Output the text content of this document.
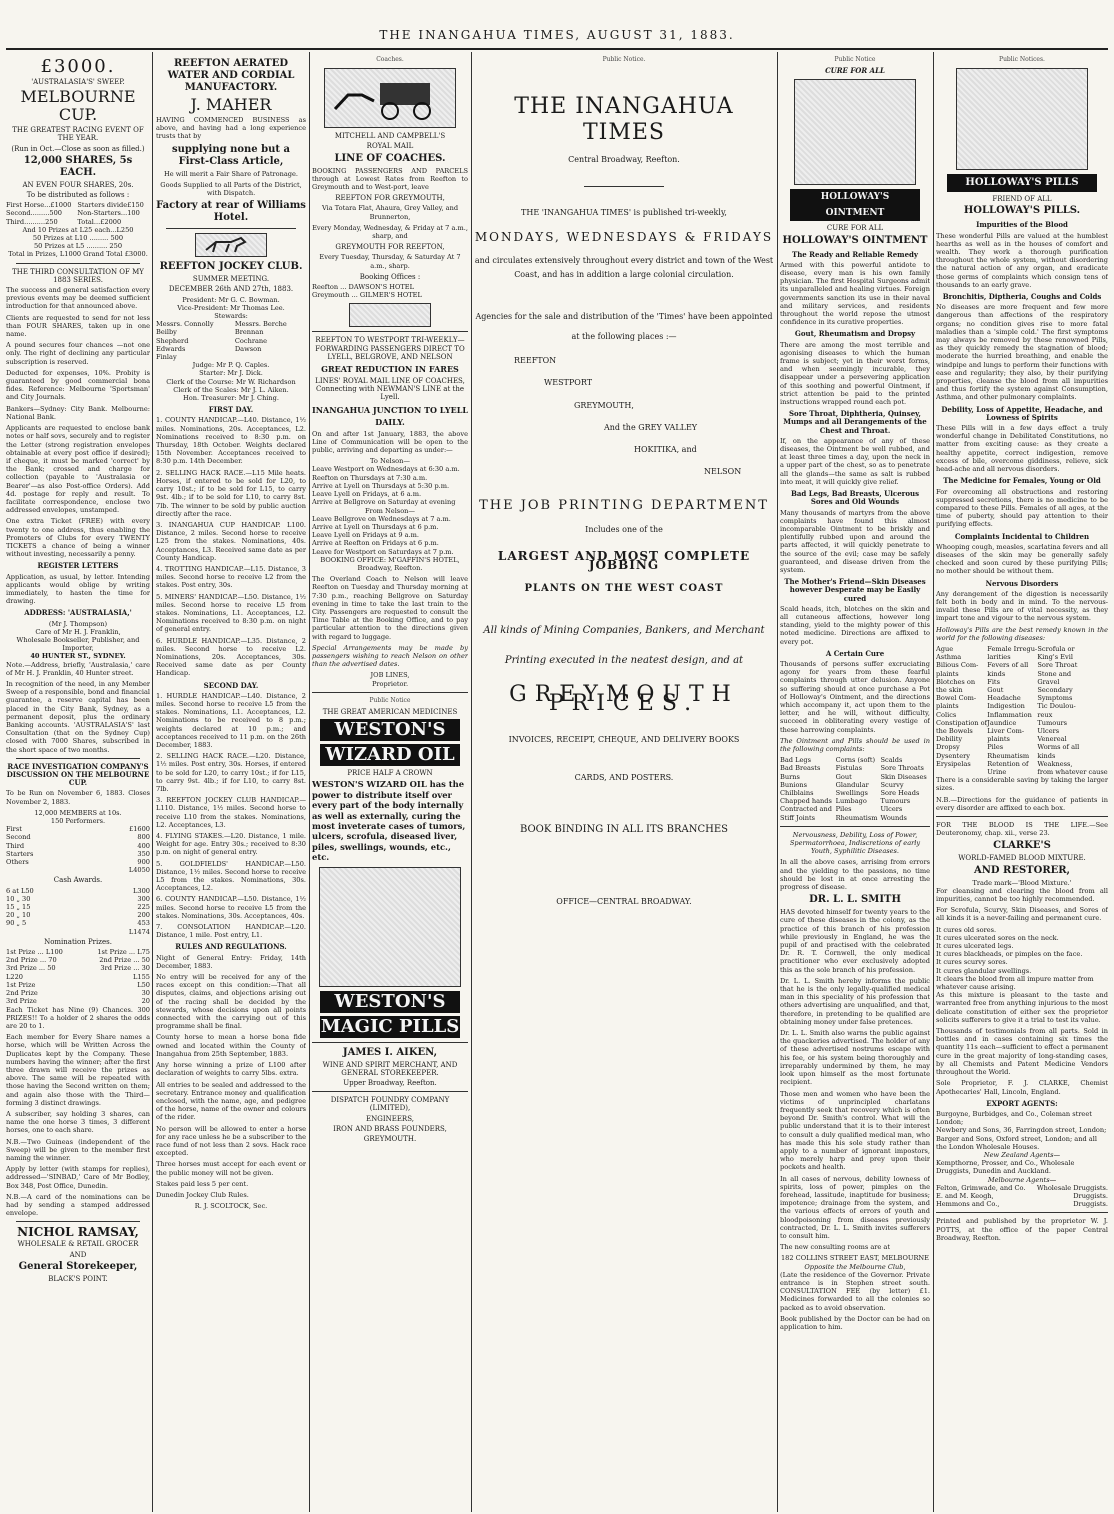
THE INANGAHUA TIMES, AUGUST 31, 1883.
£3000.
'AUSTRALASIA'S' SWEEP.
MELBOURNE CUP.
THE GREATEST RACING EVENT OF THE YEAR.
(Run in Oct.—Close as soon as filled.)
12,000 SHARES, 5s EACH.
AN EVEN FOUR SHARES, 20s.
To be distributed as follows :
First Horse...£1000	Starters divide£150
Second.........500	Non-Starters...100
Third..........250	Total...£2000
And 10 Prizes at L25 each...L250
50 Prizes at L10 ......... 500
50 Prizes at L5 .......... 250
Total in Prizes, L1000 Grand Total £3000.
THE THIRD CONSULTATION OF MY 1883 SERIES.

The success and general satisfaction every previous events may be deemed sufficient introduction for that announced above.

Clients are requested to send for not less than FOUR SHARES, taken up in one name.

A pound secures four chances —not one only. The right of declining any particular subscription is reserved.

Deducted for expenses, 10%. Probity is guaranteed by good commercial bona fides. Reference: Melbourne 'Sportsman' and City Journals.

Bankers—Sydney: City Bank. Melbourne: National Bank.

Applicants are requested to enclose bank notes or half sovs, securely and to register the Letter (strong registration envelopes obtainable at every post office if desired); if cheque, it must be marked 'correct' by the Bank; crossed and charge for collection (payable to 'Australasia or Bearer'—as also Post-office Orders). Add 4d. postage for reply and result. To facilitate correspondence, enclose two addressed envelopes, unstamped.

One extra Ticket (FREE) with every twenty to one address, thus enabling the Promoters of Clubs for every TWENTY TICKETS a chance of being a winner without investing, necessarily a penny.

REGISTER LETTERS

Application, as usual, by letter. Intending applicants would oblige by writing immediately, to hasten the time for drawing.

ADDRESS: 'AUSTRALASIA,'
(Mr J. Thompson)
Care of Mr H. J. Franklin,
Wholesale Bookseller, Publisher, and Importer,
40 HUNTER ST., SYDNEY.

Note.—Address, briefly, 'Australasia,' care of Mr H. J. Franklin, 40 Hunter street.

In recognition of the need, in any Member Sweep of a responsible, bond and financial guarantee, a reserve capital has been placed in the City Bank, Sydney, as a permanent deposit, plus the ordinary Banking accounts. 'AUSTRALASIA'S' last Consultation (that on the Sydney Cup) closed with 7000 Shares, subscribed in the short space of two months.

RACE INVESTIGATION COMPANY'S DISCUSSION ON THE MELBOURNE CUP.

To be Run on November 6, 1883. Closes November 2, 1883.

12,000 MEMBERS at 10s.
150 Performers.
First	£1600
Second	800
Third	400
Starters	350
Others	900
	L4050
Cash Awards.
6 at L50	L300
10 „ 30	300
15 „ 15	225
20 „ 10	200
90 „ 5	453
	L1474
Nomination Prizes.
1st Prize ... L100	1st Prize ... L75
2nd Prize ... 70	2nd Prize ... 50
3rd Prize ... 50	3rd Prize ... 30
L220	L155
1st Prize	L50
2nd Prize	30
3rd Prize	20

Each Ticket has Nine (9) Chances. 300 PRIZES!! To a holder of 2 shares the odds are 20 to 1.

Each member for Every Share names a horse, which will be Written Across the Duplicates kept by the Company. These numbers having the winner; after the first three drawn will receive the prizes as above. The same will be repeated with those having the Second written on them; and again also those with the Third—forming 3 distinct drawings.

A subscriber, say holding 3 shares, can name the one horse 3 times, 3 different horses, one to each share.

N.B.—Two Guineas (independent of the Sweep) will be given to the member first naming the winner.

Apply by letter (with stamps for replies), addressed—'SINBAD,' Care of Mr Bodley, Box 348, Post Office, Dunedin.

N.B.—A card of the nominations can be had by sending a stamped addressed envelope.

NICHOL RAMSAY,
WHOLESALE & RETAIL GROCER
AND
General Storekeeper,
BLACK'S POINT.
REEFTON AERATED WATER AND CORDIAL MANUFACTORY.
J. MAHER

HAVING COMMENCED BUSINESS as above, and having had a long experience trusts that by

supplying none but a First-Class Article,

He will merit a Fair Share of Patronage.

Goods Supplied to all Parts of the District, with Dispatch.

Factory at rear of Williams Hotel.
REEFTON JOCKEY CLUB.
SUMMER MEETING.
DECEMBER 26th AND 27th, 1883.
President: Mr G. C. Bowman.
Vice-President: Mr Thomas Lee.
Stewards:
Messrs. Connolly	Messrs. Berche
Beilby	Brennan
Shepherd	Cochrane
Edwards	Dawson
Finlay	
Judge: Mr P. Q. Caples.
Starter: Mr J. Dick.
Clerk of the Course: Mr W. Richardson
Clerk of the Scales: Mr J. L. Aiken.
Hon. Treasurer: Mr J. Ching.
FIRST DAY.

1. COUNTY HANDICAP.—L40. Distance, 1½ miles. Nominations, 20s. Acceptances, L2. Nominations received to 8:30 p.m. on Thursday, 18th October. Weights declared 15th November. Acceptances received to 8:30 p.m. 14th December.

2. SELLING HACK RACE.—L15 Mile heats. Horses, if entered to be sold for L20, to carry 10st.; if to be sold for L15, to carry 9st. 4lb.; if to be sold for L10, to carry 8st. 7lb. The winner to be sold by public auction directly after the race.

3. INANGAHUA CUP HANDICAP. L100. Distance, 2 miles. Second horse to receive L25 from the stakes. Nominations, 40s. Acceptances, L3. Received same date as per County Handicap.

4. TROTTING HANDICAP.—L15. Distance, 3 miles. Second horse to receive L2 from the stakes. Post entry, 30s.

5. MINERS' HANDICAP.—L50. Distance, 1½ miles. Second horse to receive L5 from stakes. Nominations, L1. Acceptances, L2. Nominations received to 8:30 p.m. on night of general entry.

6. HURDLE HANDICAP.—L35. Distance, 2 miles. Second horse to receive L2. Nominations, 20s. Acceptances, 30s. Received same date as per County Handicap.

SECOND DAY.

1. HURDLE HANDICAP.—L40. Distance, 2 miles. Second horse to receive L5 from the stakes. Nominations, L1. Acceptances, L2. Nominations to be received to 8 p.m.; weights declared at 10 p.m.; and acceptances received to 11 p.m. on the 26th December, 1883.

2. SELLING HACK RACE.—L20. Distance, 1½ miles. Post entry, 30s. Horses, if entered to be sold for L20, to carry 10st.; if for L15, to carry 9st. 4lb.; if for L10, to carry 8st. 7lb.

3. REEFTON JOCKEY CLUB HANDICAP.—L110. Distance, 1½ miles. Second horse to receive L10 from the stakes. Nominations, L2. Acceptances, L3.

4. FLYING STAKES.—L20. Distance, 1 mile. Weight for age. Entry 30s.; received to 8:30 p.m. on night of general entry.

5. GOLDFIELDS' HANDICAP.—L50. Distance, 1½ miles. Second horse to receive L5 from the stakes. Nominations, 30s. Acceptances, L2.

6. COUNTY HANDICAP.—L50. Distance, 1½ miles. Second horse to receive L5 from the stakes. Nominations, 30s. Acceptances, 40s.

7. CONSOLATION HANDICAP.—L20. Distance, 1 mile. Post entry, L1.

RULES AND REGULATIONS.

Night of General Entry: Friday, 14th December, 1883.

No entry will be received for any of the races except on this condition:—That all disputes, claims, and objections arising out of the racing shall be decided by the stewards, whose decisions upon all points connected with the carrying out of this programme shall be final.

County horse to mean a horse bona fide owned and located within the County of Inangahua from 25th September, 1883.

Any horse winning a prize of L100 after declaration of weights to carry 5lbs. extra.

All entries to be sealed and addressed to the secretary. Entrance money and qualification enclosed, with the name, age, and pedigree of the horse, name of the owner and colours of the rider.

No person will be allowed to enter a horse for any race unless he be a subscriber to the race fund of not less than 2 sovs. Hack race excepted.

Three horses must accept for each event or the public money will not be given.

Stakes paid less 5 per cent.

Dunedin Jockey Club Rules.

R. J. SCOLTOCK, Sec.
Coaches.
MITCHELL AND CAMPBELL'S
ROYAL MAIL
LINE OF COACHES.

BOOKING PASSENGERS AND PARCELS through at Lowest Rates from Reefton to Greymouth and to West-port, leave

REEFTON FOR GREYMOUTH,

Via Totara Flat, Ahaura, Grey Valley, and Brunnerton,

Every Monday, Wednesday, & Friday at 7 a.m., sharp, and

GREYMOUTH FOR REEFTON,

Every Tuesday, Thursday, & Saturday At 7 a.m., sharp.

Booking Offices :
Reefton ... DAWSON'S HOTEL
Greymouth ... GILMER'S HOTEL
REEFTON TO WESTPORT TRI-WEEKLY—FORWARDING PASSENGERS DIRECT TO LYELL, BELGROVE, AND NELSON
GREAT REDUCTION IN FARES
LINES' ROYAL MAIL LINE OF COACHES, Connecting with NEWMAN'S LINE at the Lyell.
INANGAHUA JUNCTION TO LYELL DAILY.

On and after 1st January, 1883, the above Line of Communication will be open to the public, arriving and departing as under:—

To Nelson—
Leave Westport on Wednesdays at 6:30 a.m.
Reefton on Thursdays at 7:30 a.m.
Arrive at Lyell on Thursdays at 5:30 p.m.
Leave Lyell on Fridays, at 6 a.m.
Arrive at Bellgrove on Saturday at evening
From Nelson—
Leave Bellgrove on Wednesdays at 7 a.m.
Arrive at Lyell on Thursdays at 6 p.m.
Leave Lyell on Fridays at 9 a.m.
Arrive at Reefton on Fridays at 6 p.m.
Leave for Westport on Saturdays at 7 p.m.

BOOKING OFFICE: M'GAFFIN'S HOTEL, Broadway, Reefton.

The Overland Coach to Nelson will leave Reefton on Tuesday and Thursday morning at 7:30 p.m., reaching Bellgrove on Saturday evening in time to take the last train to the City. Passengers are requested to consult the Time Table at the Booking Office, and to pay particular attention to the directions given with regard to luggage.

Special Arrangements may be made by passengers wishing to reach Nelson on other than the advertised dates.

JOB LINES,
Proprietor.
Public Notice
THE GREAT AMERICAN MEDICINES
WESTON'S
WIZARD OIL
PRICE HALF A CROWN

WESTON'S WIZARD OIL has the power to distribute itself over every part of the body internally as well as externally, curing the most inveterate cases of tumors, ulcers, scrofula, diseased liver, piles, swellings, wounds, etc., etc.

WESTON'S
MAGIC PILLS
JAMES I. AIKEN,
WINE AND SPIRIT MERCHANT, AND GENERAL STOREKEEPER.
Upper Broadway, Reefton.
DISPATCH FOUNDRY COMPANY (LIMITED),
ENGINEERS,
IRON AND BRASS FOUNDERS,
GREYMOUTH.
Public Notice.
THE INANGAHUA TIMES
Central Broadway, Reefton.
THE 'INANGAHUA TIMES' is published tri-weekly,
MONDAYS, WEDNESDAYS & FRIDAYS
and circulates extensively throughout every district and town of the West
Coast, and has in addition a large colonial circulation.
Agencies for the sale and distribution of the 'Times' have been appointed
at the following places :—
REEFTON
WESTPORT
GREYMOUTH,
And the GREY VALLEY
HOKITIKA, and
NELSON
THE JOB PRINTING DEPARTMENT
Includes one of the
LARGEST AND MOST COMPLETE JOBBING
PLANTS ON THE WEST COAST
All kinds of Mining Companies, Bankers, and Merchant
Printing executed in the neatest design, and at
GREYMOUTH PRICES.
INVOICES, RECEIPT, CHEQUE, AND DELIVERY BOOKS
CARDS, AND POSTERS.
BOOK BINDING IN ALL ITS BRANCHES
OFFICE—CENTRAL BROADWAY.
Public Notice
CURE FOR ALL
HOLLOWAY'S OINTMENT
CURE FOR ALL
HOLLOWAY'S OINTMENT
The Ready and Reliable Remedy

Armed with this powerful antidote to disease, every man is his own family physician. The first Hospital Surgeons admit its unparalleled and healing virtues. Foreign governments sanction its use in their naval and military services, and residents throughout the world repose the utmost confidence in its curative properties.

Gout, Rheumatism and Dropsy

There are among the most terrible and agonising diseases to which the human frame is subject; yet in their worst forms, and when seemingly incurable, they disappear under a persevering application of this soothing and powerful Ointment, if strict attention be paid to the printed instructions wrapped round each pot.

Sore Throat, Diphtheria, Quinsey, Mumps and all Derangements of the Chest and Throat.

If, on the appearance of any of these diseases, the Ointment be well rubbed, and at least three times a day, upon the neck in a upper part of the chest, so as to penetrate all the glands—the same as salt is rubbed into meat, it will quickly give relief.

Bad Legs, Bad Breasts, Ulcerous Sores and Old Wounds

Many thousands of martyrs from the above complaints have found this almost incomparable Ointment to be briskly and plentifully rubbed upon and around the parts affected, it will quickly penetrate to the source of the evil; case may be safely guaranteed, and disease driven from the system.

The Mother's Friend—Skin Diseases however Desperate may be Easily cured

Scald heads, itch, blotches on the skin and all cutaneous affections, however long standing, yield to the mighty power of this noted medicine. Directions are affixed to every pot.

A Certain Cure

Thousands of persons suffer excruciating agony for years from these fearful complaints through utter delusion. Anyone so suffering should at once purchase a Pot of Holloway's Ointment, and the directions which accompany it, act upon them to the letter, and he will, without difficulty, succeed in obliterating every vestige of these harrowing complaints.

The Ointment and Pills should be used in the following complaints:

Bad Legs	Corns (soft)	Scalds
Bad Breasts	Fistulas	Sore Throats
Burns	Gout	Skin Diseases
Bunions	Glandular	Scurvy
Chilblains	Swellings	Sore Heads
Chapped hands	Lumbago	Tumours
Contracted and	Piles	Ulcers
Stiff Joints	Rheumatism	Wounds

Nervousness, Debility, Loss of Power, Spermatorrhoea, Indiscretions of early Youth, Syphilitic Diseases.

In all the above cases, arrising from errors and the yielding to the passions, no time should be lost in at once arresting the progress of disease.

DR. L. L. SMITH

HAS devoted himself for twenty years to the cure of these diseases in the colony, as the practice of this branch of his profession while previously in England, he was the pupil of and practised with the celebrated Dr. R. T. Cornwell, the only medical practitioner who ever exclusively adopted this as the sole branch of his profession.

Dr. L. L. Smith hereby informs the public that he is the only legally-qualified medical man in this speciality of his profession that others advertising are unqualified, and that, therefore, in pretending to be qualified are obtaining money under false pretences.

Dr. L. L. Smith also warns the public against the quackeries advertised. The holder of any of these advertised nostrums escape with his fee, or his system being thoroughly and irreparably undermined by them, he may look upon himself as the most fortunate recipient.

Those men and women who have been the victims of unprincipled charlatans frequently seek that recovery which is often beyond Dr. Smith's control. What will the public understand that it is to their interest to consult a duly qualified medical man, who has made this his sole study rather than apply to a number of ignorant impostors, who merely harp and prey upon their pockets and health.

In all cases of nervous, debility lowness of spirits, loss of power, pimples on the forehead, lassitude, inaptitude for business; impotence; drainage from the system, and the various effects of errors of youth and bloodpoisoning from diseases previously contracted, Dr. L. L. Smith invites sufferers to consult him.

The new consulting rooms are at

182 COLLINS STREET EAST, MELBOURNE
Opposite the Melbourne Club,

(Late the residence of the Governor. Private entrance is in Stephen street south. CONSULTATION FEE (by letter) £1. Medicines forwarded to all the colonies so packed as to avoid observation.

Book published by the Doctor can be had on application to him.

Public Notices.
HOLLOWAY'S PILLS
FRIEND OF ALL
HOLLOWAY'S PILLS.
Impurities of the Blood

These wonderful Pills are valued at the humblest hearths as well as in the houses of comfort and wealth. They work a thorough purification throughout the whole system, without disordering the natural action of any organ, and eradicate those germs of complaints which consign tens of thousands to an early grave.

Bronchitis, Diptheria, Coughs and Colds

No diseases are more frequent and few more dangerous than affections of the respiratory organs; no condition gives rise to more fatal maladies than a 'simple cold.' The first symptoms may always be removed by these renowned Pills, as they quickly remedy the stagnation of blood; moderate the hurried breathing, and enable the windpipe and lungs to perform their functions with ease and regularity; they also, by their purifying properties, cleanse the blood from all impurities and thus fortify the system against Consumption, Asthma, and other pulmonary complaints.

Debility, Loss of Appetite, Headache, and Lowness of Spirits

These Pills will in a few days effect a truly wonderful change in Debilitated Constitutions, no matter from exciting cause: as they create a healthy appetite, correct indigestion, remove excess of bile, overcome giddiness, relieve, sick head-ache and all nervous disorders.

The Medicine for Females, Young or Old

For overcoming all obstructions and restoring suppressed secretions, there is no medicine to be compared to these Pills. Females of all ages, at the time of puberty, should pay attention to their purifying effects.

Complaints Incidental to Children

Whooping cough, measles, scarlatina fevers and all diseases of the skin may be generally safely checked and soon cured by these purifying Pills; no mother should be without them.

Nervous Disorders

Any derangement of the digestion is necessarily felt both in body and in mind. To the nervous-invalid these Pills are of vital necessity, as they impart tone and vigour to the nervous system.

Holloway's Pills are the best remedy known in the world for the following diseases:

Ague	Female Irregu-	Scrofula or
Asthma	larities	King's Evil
Bilious Com-	Fevers of all	Sore Throat
plaints	kinds	Stone and
Blotches on	Fits	Gravel
the skin	Gout	Secondary
Bowel Com-	Headache	Symptoms
plaints	Indigestion	Tic Doulou-
Colics	Inflammation	reux
Constipation of	Jaundice	Tumours
the Bowels	Liver Com-	Ulcers
Debility	plaints	Venereal
Dropsy	Piles	Worms of all
Dysentery	Rheumatism	kinds
Erysipelas	Retention of	Weakness,
	Urine	from whatever cause

There is a considerable saving by taking the larger sizes.

N.B.—Directions for the guidance of patients in every disorder are affixed to each box.

FOR THE BLOOD IS THE LIFE.—See Deuteronomy, chap. xii., verse 23.

CLARKE'S
WORLD-FAMED BLOOD MIXTURE.
AND RESTORER,
Trade mark—'Blood Mixture.'

For cleansing and clearing the blood from all impurities, cannot be too highly recommended.

For Scrofula, Scurvy, Skin Diseases, and Sores of all kinds it is a never-failing and permanent cure.

It cures old sores.
It cures ulcerated sores on the neck.
It cures ulcerated legs.
It cures blackheads, or pimples on the face.
It cures scurvy sores.
It cures glandular swellings.
It clears the blood from all impure matter from whatever cause arising.

As this mixture is pleasant to the taste and warranted free from anything injurious to the most delicate constitution of either sex the proprietor solicits sufferers to give it a trial to test its value.

Thousands of testimonials from all parts. Sold in bottles and in cases containing six times the quantity 11s each—sufficient to effect a permanent cure in the great majority of long-standing cases, by all Chemists and Patent Medicine Vendors throughout the World.

Sole Proprietor, F. J. CLARKE, Chemist Apothecaries' Hall, Lincoln, England.

EXPORT AGENTS:
Burgoyne, Burbidges, and Co., Coleman street London;
Newbery and Sons, 36, Farringdon street, London;
Barger and Sons, Oxford street, London; and all the London Wholesale Houses.
New Zealand Agents—
Kempthorne, Prosser, and Co., Wholesale Druggists, Dunedin and Auckland.
Melbourne Agents—
Felton, Grimwade, and Co.	Wholesale Druggists.
E. and M. Keogh,	Druggists.
Hemmons and Co.,	Druggists.

Printed and published by the proprietor W. J. POTTS, at the office of the paper Central Broadway, Reefton.
